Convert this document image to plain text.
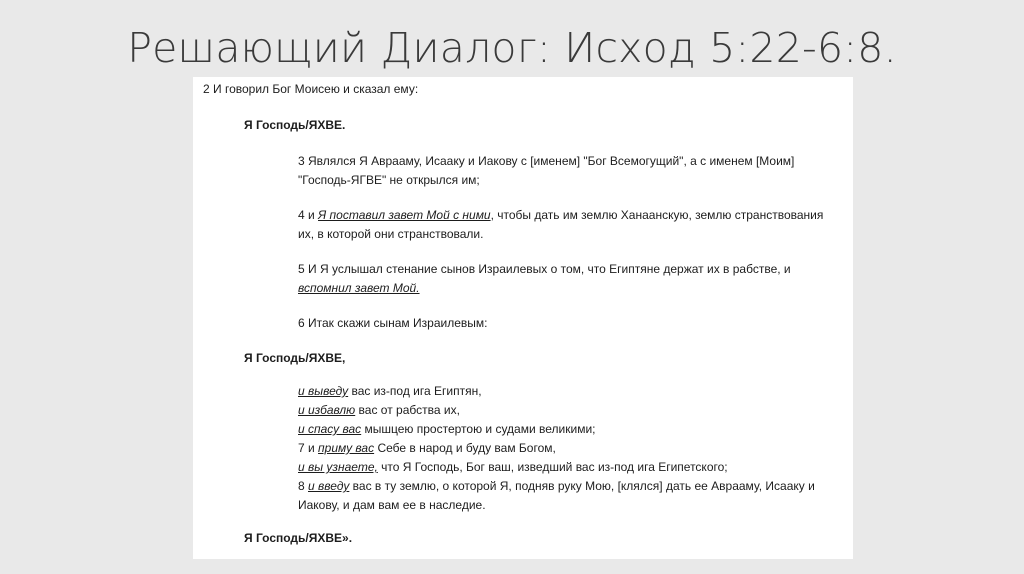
Решающий Диалог: Исход 5:22-6:8.
2 И говорил Бог Моисею и сказал ему:
Я Господь/ЯХВЕ.
3 Являлся Я Аврааму, Исааку и Иакову с [именем] "Бог Всемогущий", а с именем [Моим]
"Господь-ЯГВЕ" не открылся им;
4 и Я поставил завет Мой с ними, чтобы дать им землю Ханаанскую, землю странствования
их, в которой они странствовали.
5 И Я услышал стенание сынов Израилевых о том, что Египтяне держат их в рабстве, и
вспомнил завет Мой.
6 Итак скажи сынам Израилевым:
Я Господь/ЯХВЕ,
и выведу вас из-под ига Египтян,
и избавлю вас от рабства их,
и спасу вас мышцею простертою и судами великими;
7 и приму вас Себе в народ и буду вам Богом,
и вы узнаете, что Я Господь, Бог ваш, изведший вас из-под ига Египетского;
8 и введу вас в ту землю, о которой Я, подняв руку Мою, [клялся] дать ее Аврааму, Исааку и
Иакову, и дам вам ее в наследие.
Я Господь/ЯХВЕ».
